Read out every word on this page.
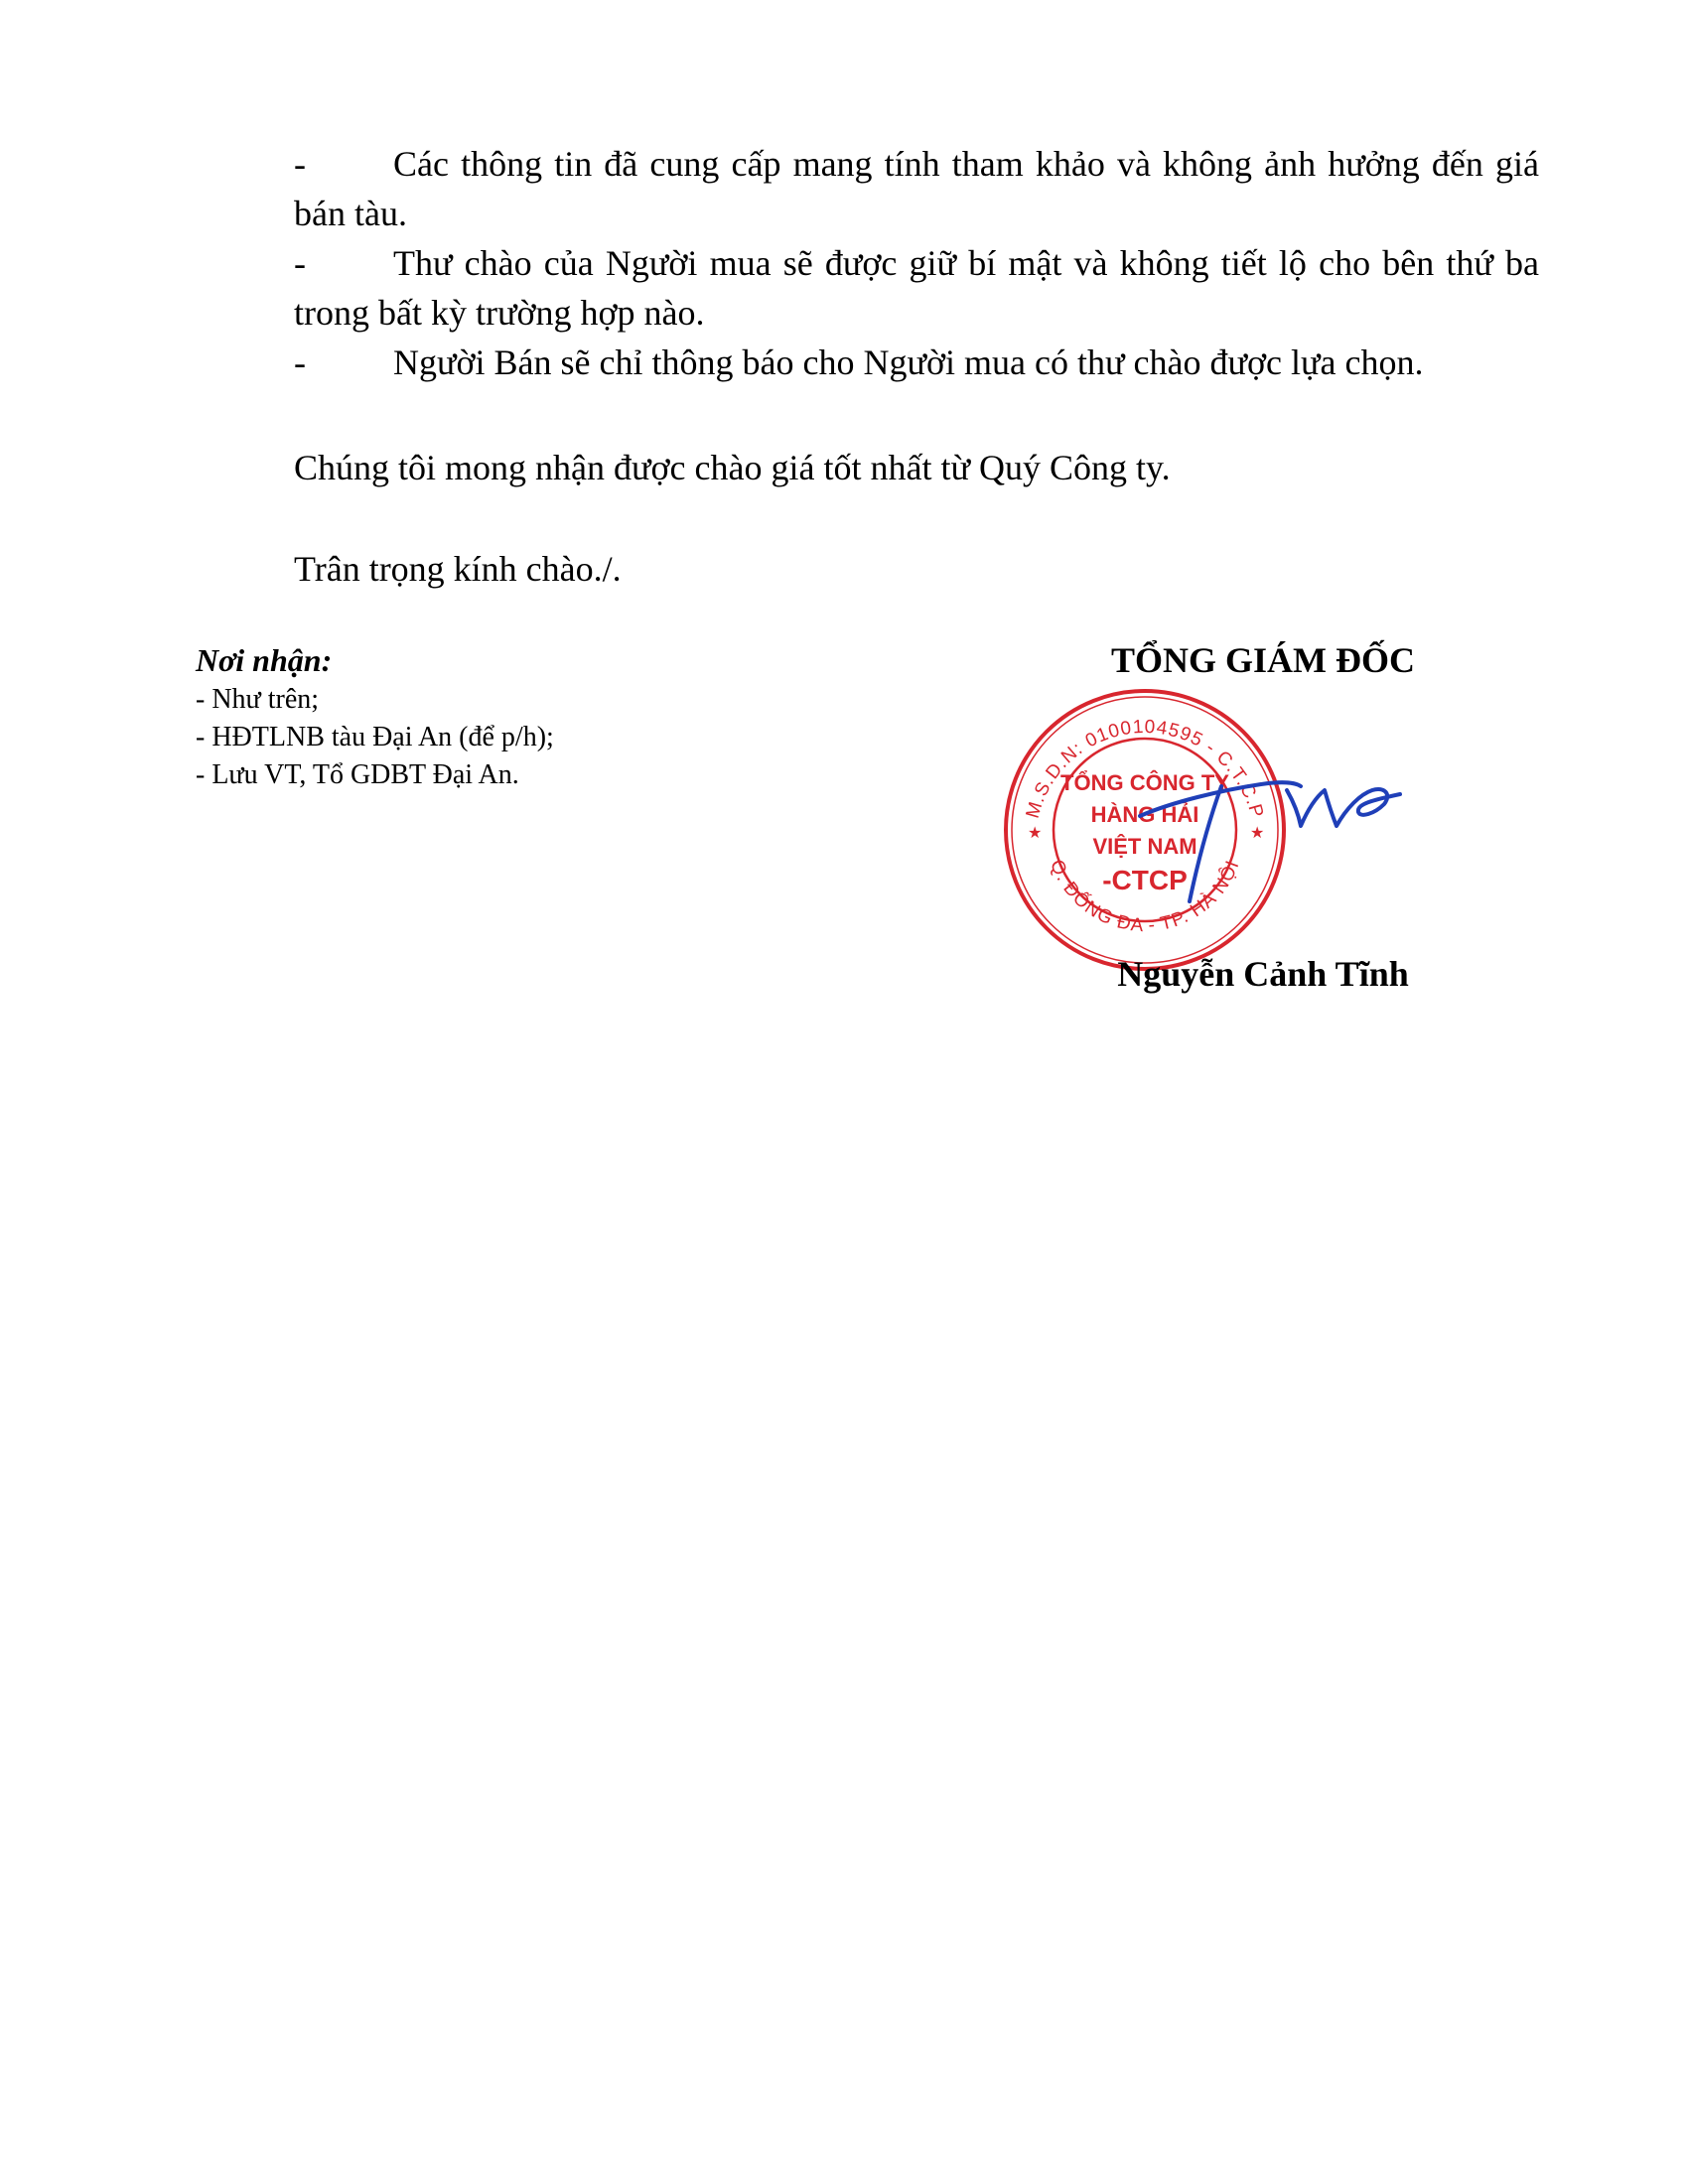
- Các thông tin đã cung cấp mang tính tham khảo và không ảnh hưởng đến giá bán tàu.
- Thư chào của Người mua sẽ được giữ bí mật và không tiết lộ cho bên thứ ba trong bất kỳ trường hợp nào.
- Người Bán sẽ chỉ thông báo cho Người mua có thư chào được lựa chọn.
Chúng tôi mong nhận được chào giá tốt nhất từ Quý Công ty.
Trân trọng kính chào./.
Nơi nhận:
- Như trên;
- HĐTLNB tàu Đại An (để p/h);
- Lưu VT, Tổ GDBT Đại An.
TỔNG GIÁM ĐỐC
M.S.D.N: 0100104595 - C.T.C.P
Q. ĐỐNG ĐA - TP. HÀ NỘI
★	★
TỔNG CÔNG TY
HÀNG HẢI
VIỆT NAM
-CTCP
Nguyễn Cảnh Tĩnh
